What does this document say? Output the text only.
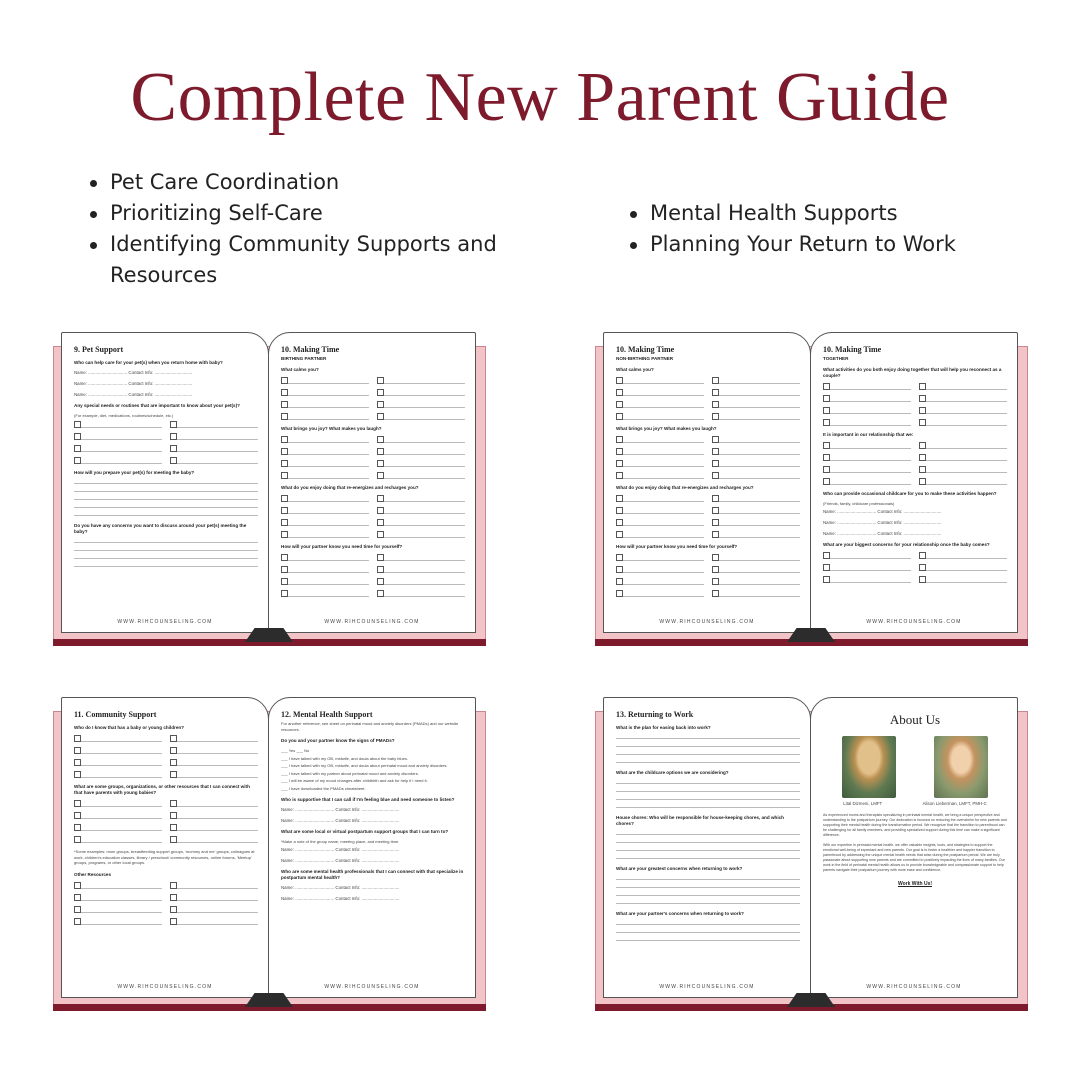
Complete New Parent Guide
Pet Care Coordination
Prioritizing Self-Care
Identifying Community Supports and Resources
Mental Health Supports
Planning Your Return to Work
9. Pet Support
Who can help care for your pet(s) when you return home with baby?
Name: ................................ Contact Info: ...............................
Name: ................................ Contact Info: ...............................
Name: ................................ Contact Info: ...............................
Any special needs or routines that are important to know about your pet(s)?
(For example, diet, medications, routines/schedule, etc.)
How will you prepare your pet(s) for meeting the baby?
Do you have any concerns you want to discuss around your pet(s) meeting the baby?
WWW.RIHCOUNSELING.COM
10. Making Time
BIRTHING PARTNER
What calms you?
What brings you joy? What makes you laugh?
What do you enjoy doing that re-energizes and recharges you?
How will your partner know you need time for yourself?
WWW.RIHCOUNSELING.COM
10. Making Time
NON-BIRTHING PARTNER
What calms you?
What brings you joy? What makes you laugh?
What do you enjoy doing that re-energizes and recharges you?
How will your partner know you need time for yourself?
WWW.RIHCOUNSELING.COM
10. Making Time
TOGETHER
What activities do you both enjoy doing together that will help you reconnect as a couple?
It is important in our relationship that we:
Who can provide occasional childcare for you to make these activities happen?
(Friends, family, childcare professionals)
Name: ................................ Contact Info: ...............................
Name: ................................ Contact Info: ...............................
Name: ................................ Contact Info: ...............................
What are your biggest concerns for your relationship once the baby comes?
WWW.RIHCOUNSELING.COM
11. Community Support
Who do I know that has a baby or young children?
What are some groups, organizations, or other resources that I can connect with that have parents with young babies?
*Some examples: mom groups, breastfeeding support groups, 'mommy and me' groups, colleagues at work, children's education classes, library / preschool/ community resources, online forums, 'Meetup' groups, programs, or other local groups.
Other Resources
WWW.RIHCOUNSELING.COM
12. Mental Health Support
For another reference, see sheet on perinatal mood and anxiety disorders (PMADs) and our website resources.
Do you and your partner know the signs of PMADs?
___ Yes ___ No
___ I have talked with my OB, midwife, and doula about the baby blues.
___ I have talked with my OB, midwife, and doula about perinatal mood and anxiety disorders.
___ I have talked with my partner about perinatal mood and anxiety disorders.
___ I will be aware of my mood changes after childbirth and ask for help if I need it.
___ I have downloaded the PMADs cheatsheet.
Who is supportive that I can call if I'm feeling blue and need someone to listen?
Name: ................................ Contact Info: ...............................
Name: ................................ Contact Info: ...............................
What are some local or virtual postpartum support groups that I can turn to?
*Make a note of the group name, meeting place, and meeting time.
Name: ................................ Contact Info: ...............................
Name: ................................ Contact Info: ...............................
Who are some mental health professionals that I can connect with that specialize in postpartum mental health?
Name: ................................ Contact Info: ...............................
Name: ................................ Contact Info: ...............................
WWW.RIHCOUNSELING.COM
13. Returning to Work
What is the plan for easing back into work?
What are the childcare options we are considering?
House chores: Who will be responsible for house-keeping chores, and which chores?
What are your greatest concerns when returning to work?
What are your partner's concerns when returning to work?
WWW.RIHCOUNSELING.COM
About Us
Lital Dizmeni, LMFT	Alison Lieberman, LMFT, PMH-C
As experienced moms and therapists specializing in perinatal mental health, we bring a unique perspective and understanding to the postpartum journey. Our dedication is focused on reducing the overwhelm for new parents and supporting their mental health during the transformative period. We recognize that the transition to parenthood can be challenging for all family members, and providing specialized support during this time can make a significant difference.
With our expertise in perinatal mental health, we offer valuable insights, tools, and strategies to support the emotional well-being of expectant and new parents. Our goal is to foster a healthier and happier transition to parenthood by addressing the unique mental health needs that arise during the postpartum period. We are truly passionate about supporting new parents and are committed to positively impacting the lives of many families. Our work in the field of perinatal mental health allows us to provide knowledgeable and compassionate support to help parents navigate their postpartum journey with more ease and confidence.
Work With Us!
WWW.RIHCOUNSELING.COM
